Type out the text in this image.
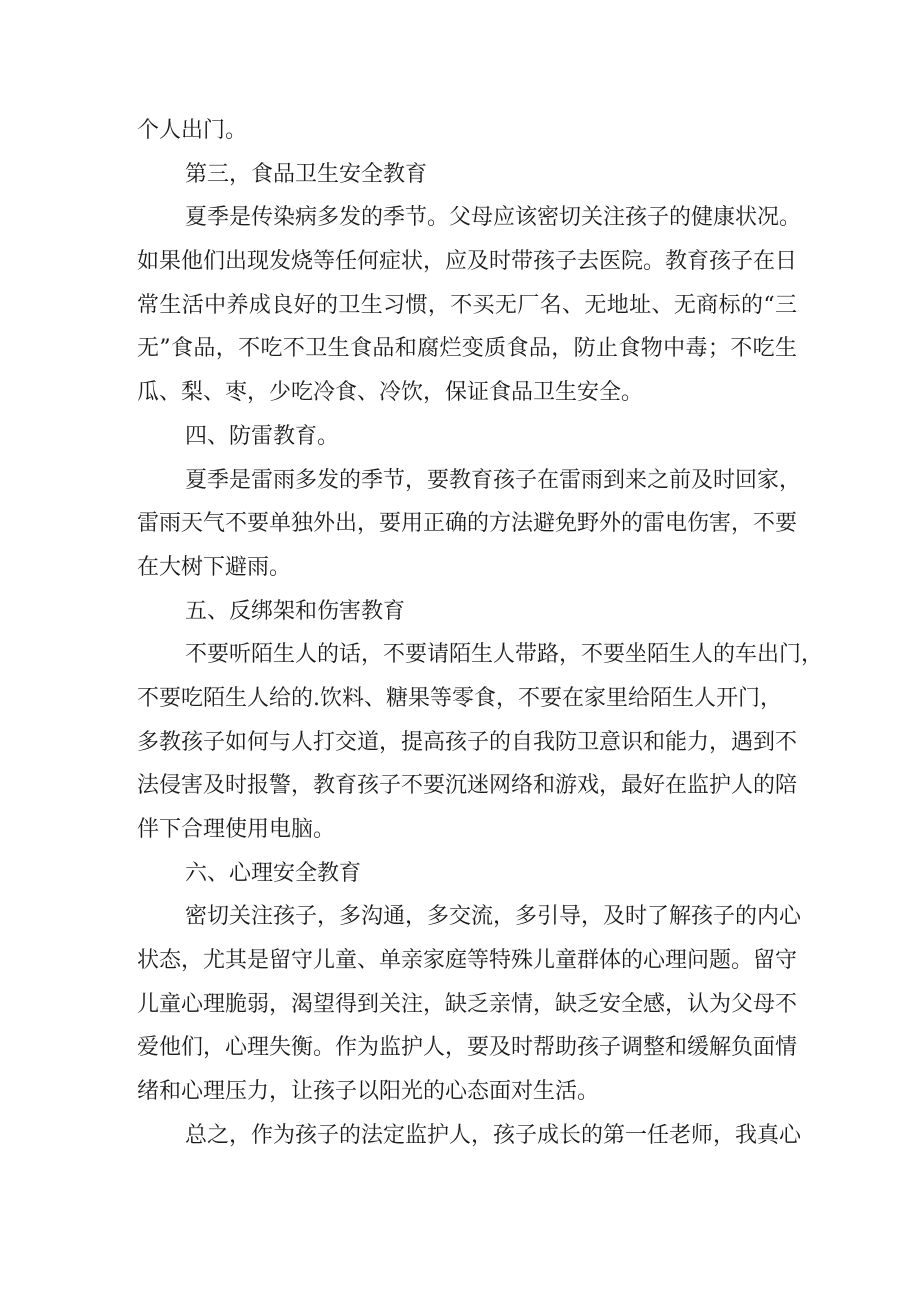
个人出门。
第三，食品卫生安全教育
夏季是传染病多发的季节。父母应该密切关注孩子的健康状况。
如果他们出现发烧等任何症状，应及时带孩子去医院。教育孩子在日
常生活中养成良好的卫生习惯，不买无厂名、无地址、无商标的“三
无”食品，不吃不卫生食品和腐烂变质食品，防止食物中毒；不吃生
瓜、梨、枣，少吃冷食、冷饮，保证食品卫生安全。
四、防雷教育。
夏季是雷雨多发的季节，要教育孩子在雷雨到来之前及时回家，
雷雨天气不要单独外出，要用正确的方法避免野外的雷电伤害，不要
在大树下避雨。
五、反绑架和伤害教育
不要听陌生人的话，不要请陌生人带路，不要坐陌生人的车出门，
不要吃陌生人给的.饮料、糖果等零食，不要在家里给陌生人开门，
多教孩子如何与人打交道，提高孩子的自我防卫意识和能力，遇到不
法侵害及时报警，教育孩子不要沉迷网络和游戏，最好在监护人的陪
伴下合理使用电脑。
六、心理安全教育
密切关注孩子，多沟通，多交流，多引导，及时了解孩子的内心
状态，尤其是留守儿童、单亲家庭等特殊儿童群体的心理问题。留守
儿童心理脆弱，渴望得到关注，缺乏亲情，缺乏安全感，认为父母不
爱他们，心理失衡。作为监护人，要及时帮助孩子调整和缓解负面情
绪和心理压力，让孩子以阳光的心态面对生活。
总之，作为孩子的法定监护人，孩子成长的第一任老师，我真心
